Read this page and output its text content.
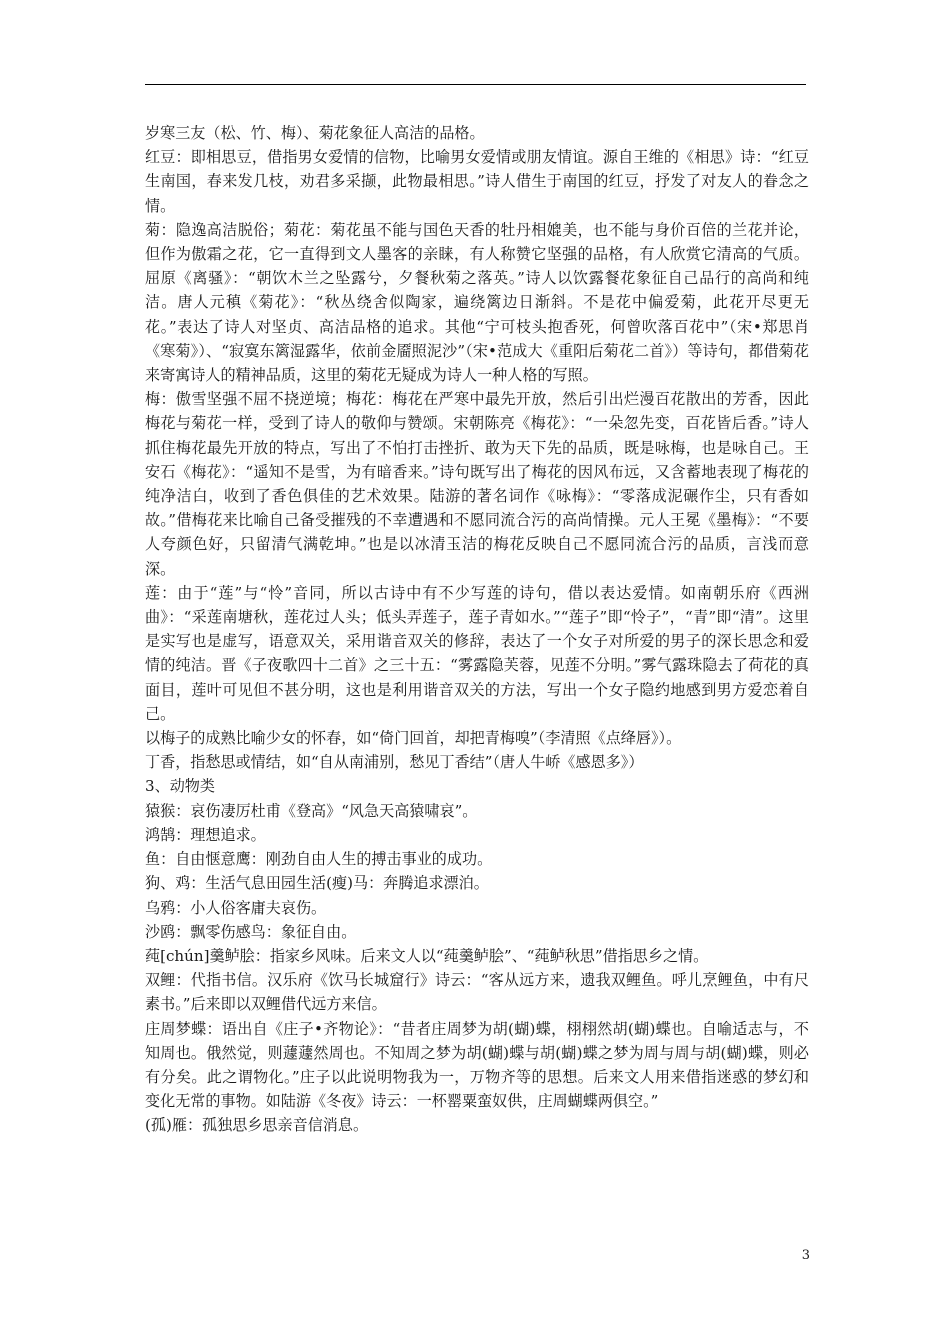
岁寒三友（松、竹、梅）、菊花象征人高洁的品格。

红豆：即相思豆，借指男女爱情的信物，比喻男女爱情或朋友情谊。源自王维的《相思》诗：“红豆生南国，春来发几枝，劝君多采撷，此物最相思。”诗人借生于南国的红豆，抒发了对友人的眷念之情。

菊：隐逸高洁脱俗；菊花：菊花虽不能与国色天香的牡丹相媲美，也不能与身价百倍的兰花并论，但作为傲霜之花，它一直得到文人墨客的亲睐，有人称赞它坚强的品格，有人欣赏它清高的气质。屈原《离骚》：“朝饮木兰之坠露兮，夕餐秋菊之落英。”诗人以饮露餐花象征自己品行的高尚和纯洁。唐人元稹《菊花》：“秋丛绕舍似陶家，遍绕篱边日渐斜。不是花中偏爱菊，此花开尽更无花。”表达了诗人对坚贞、高洁品格的追求。其他“宁可枝头抱香死，何曾吹落百花中”（宋•郑思肖《寒菊》）、“寂寞东篱湿露华，依前金靥照泥沙”（宋•范成大《重阳后菊花二首》）等诗句，都借菊花来寄寓诗人的精神品质，这里的菊花无疑成为诗人一种人格的写照。

梅：傲雪坚强不屈不挠逆境；梅花：梅花在严寒中最先开放，然后引出烂漫百花散出的芳香，因此梅花与菊花一样，受到了诗人的敬仰与赞颂。宋朝陈亮《梅花》：“一朵忽先变，百花皆后香。”诗人抓住梅花最先开放的特点，写出了不怕打击挫折、敢为天下先的品质，既是咏梅，也是咏自己。王安石《梅花》：“遥知不是雪，为有暗香来。”诗句既写出了梅花的因风布远，又含蓄地表现了梅花的纯净洁白，收到了香色俱佳的艺术效果。陆游的著名词作《咏梅》：“零落成泥碾作尘，只有香如故。”借梅花来比喻自己备受摧残的不幸遭遇和不愿同流合污的高尚情操。元人王冕《墨梅》：“不要人夸颜色好，只留清气满乾坤。”也是以冰清玉洁的梅花反映自己不愿同流合污的品质，言浅而意深。

莲：由于“莲”与“怜”音同，所以古诗中有不少写莲的诗句，借以表达爱情。如南朝乐府《西洲曲》：“采莲南塘秋，莲花过人头；低头弄莲子，莲子青如水。”“莲子”即“怜子”，“青”即“清”。这里是实写也是虚写，语意双关，采用谐音双关的修辞，表达了一个女子对所爱的男子的深长思念和爱情的纯洁。晋《子夜歌四十二首》之三十五：“雾露隐芙蓉，见莲不分明。”雾气露珠隐去了荷花的真面目，莲叶可见但不甚分明，这也是利用谐音双关的方法，写出一个女子隐约地感到男方爱恋着自己。

以梅子的成熟比喻少女的怀春，如“倚门回首，却把青梅嗅”（李清照《点绛唇》）。

丁香，指愁思或情结，如“自从南浦别，愁见丁香结”（唐人牛峤《感恩多》）

3、动物类

猿猴：哀伤凄厉杜甫《登高》“风急天高猿啸哀”。

鸿鹄：理想追求。

鱼：自由惬意鹰：刚劲自由人生的搏击事业的成功。

狗、鸡：生活气息田园生活(瘦)马：奔腾追求漂泊。

乌鸦：小人俗客庸夫哀伤。

沙鸥：飘零伤感鸟：象征自由。

莼[chún]羹鲈脍：指家乡风味。后来文人以“莼羹鲈脍”、“莼鲈秋思”借指思乡之情。

双鲤：代指书信。汉乐府《饮马长城窟行》诗云：“客从远方来，遗我双鲤鱼。呼儿烹鲤鱼，中有尺素书。”后来即以双鲤借代远方来信。

庄周梦蝶：语出自《庄子•齐物论》：“昔者庄周梦为胡(蝴)蝶，栩栩然胡(蝴)蝶也。自喻适志与，不知周也。俄然觉，则蘧蘧然周也。不知周之梦为胡(蝴)蝶与胡(蝴)蝶之梦为周与周与胡(蝴)蝶，则必有分矣。此之谓物化。”庄子以此说明物我为一，万物齐等的思想。后来文人用来借指迷惑的梦幻和变化无常的事物。如陆游《冬夜》诗云：一杯罂粟蛮奴供，庄周蝴蝶两俱空。”

(孤)雁：孤独思乡思亲音信消息。

3
